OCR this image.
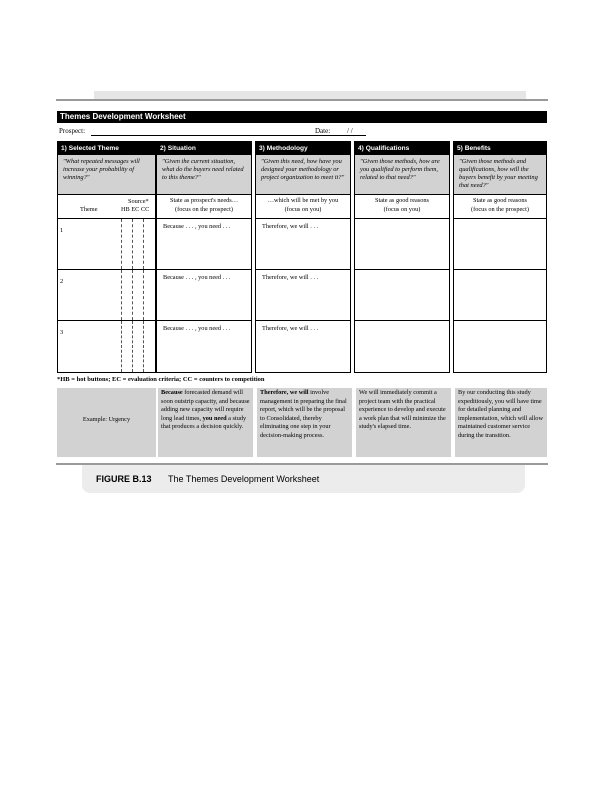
Themes Development Worksheet
Prospect:	Date: / /
1) Selected Theme
"What repeated messages will increase your probability of winning?"
Theme
Source*
HB EC CC
1
2
3
2) Situation
"Given the current situation, what do the buyers need related to this theme?"
State as prospect's needs…
(focus on the prospect)
Because . . . , you need . . .
Because . . . , you need . . .
Because . . . , you need . . .
3) Methodology
"Given this need, how have you designed your methodology or project organization to meet it?"
…which will be met by you
(focus on you)
Therefore, we will . . .
Therefore, we will . . .
Therefore, we will . . .
4) Qualifications
"Given those methods, how are you qualified to perform them, related to that need?"
State as good reasons
(focus on you)
5) Benefits
"Given those methods and qualifications, how will the buyers benefit by your meeting that need?"
State as good reasons
(focus on the prospect)
*HB = hot buttons; EC = evaluation criteria; CC = counters to competition
Example: Urgency
Because forecasted demand will soon outstrip capacity, and because adding new capacity will require long lead times, you need a study that produces a decision quickly.
Therefore, we will involve management in preparing the final report, which will be the proposal to Consolidated, thereby eliminating one step in your decision-making process.
We will immediately commit a project team with the practical experience to develop and execute a work plan that will minimize the study's elapsed time.
By our conducting this study expeditiously, you will have time for detailed planning and implementation, which will allow maintained customer service during the transition.
FIGURE B.13 The Themes Development Worksheet
